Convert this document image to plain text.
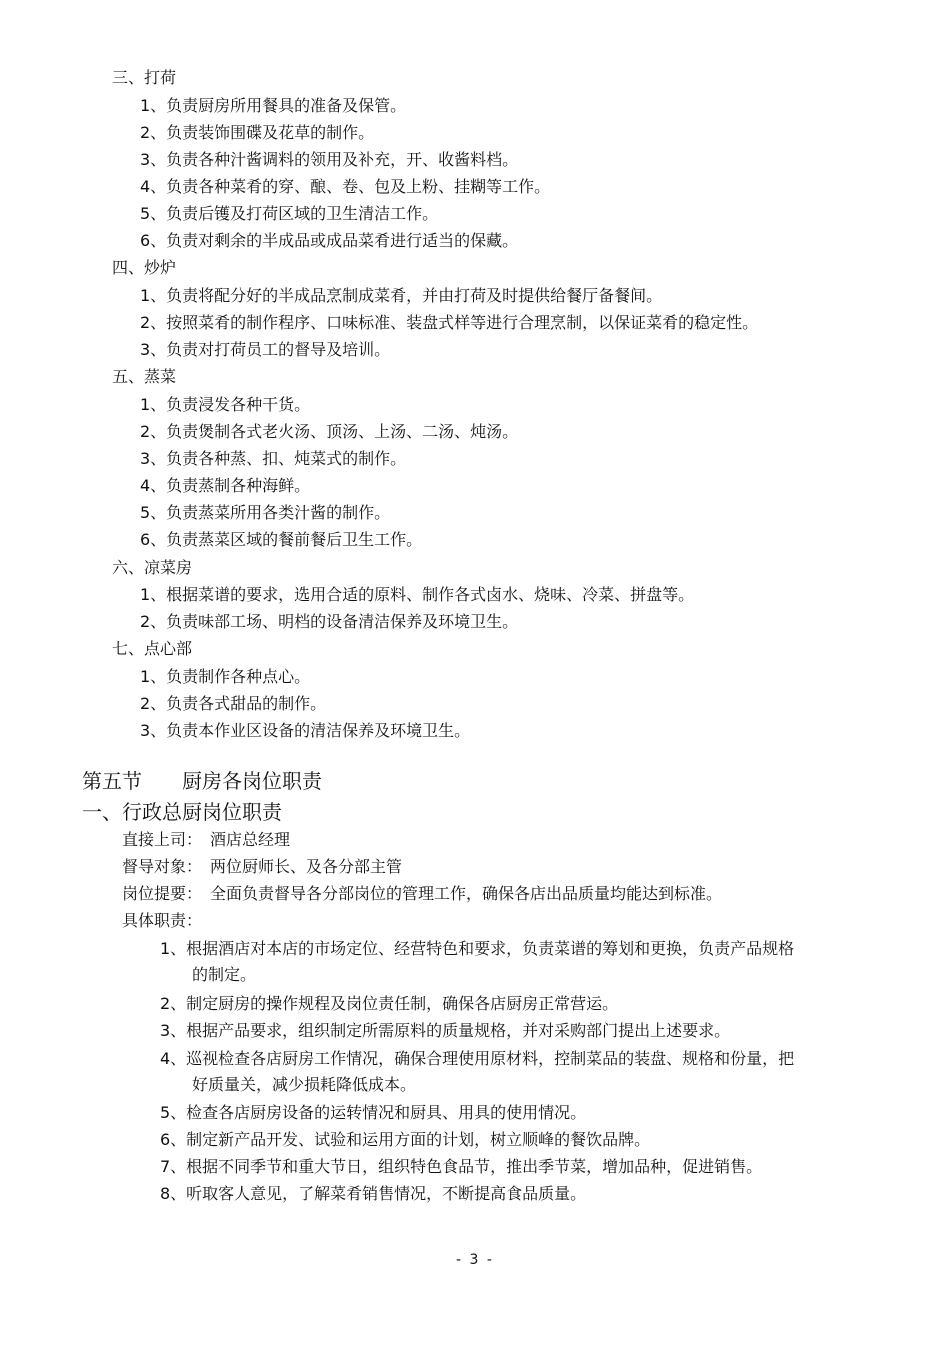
三、打荷
1、负责厨房所用餐具的准备及保管。
2、负责装饰围碟及花草的制作。
3、负责各种汁酱调料的领用及补充，开、收酱料档。
4、负责各种菜肴的穿、酿、卷、包及上粉、挂糊等工作。
5、负责后镬及打荷区域的卫生清洁工作。
6、负责对剩余的半成品或成品菜肴进行适当的保藏。
四、炒炉
1、负责将配分好的半成品烹制成菜肴，并由打荷及时提供给餐厅备餐间。
2、按照菜肴的制作程序、口味标准、装盘式样等进行合理烹制，以保证菜肴的稳定性。
3、负责对打荷员工的督导及培训。
五、蒸菜
1、负责浸发各种干货。
2、负责煲制各式老火汤、顶汤、上汤、二汤、炖汤。
3、负责各种蒸、扣、炖菜式的制作。
4、负责蒸制各种海鲜。
5、负责蒸菜所用各类汁酱的制作。
6、负责蒸菜区域的餐前餐后卫生工作。
六、凉菜房
1、根据菜谱的要求，选用合适的原料、制作各式卤水、烧味、冷菜、拼盘等。
2、负责味部工场、明档的设备清洁保养及环境卫生。
七、点心部
1、负责制作各种点心。
2、负责各式甜品的制作。
3、负责本作业区设备的清洁保养及环境卫生。
第五节　　厨房各岗位职责
一、行政总厨岗位职责
直接上司：　酒店总经理
督导对象：　两位厨师长、及各分部主管
岗位提要：　全面负责督导各分部岗位的管理工作，确保各店出品质量均能达到标准。
具体职责：
1、根据酒店对本店的市场定位、经营特色和要求，负责菜谱的筹划和更换，负责产品规格
的制定。
2、制定厨房的操作规程及岗位责任制，确保各店厨房正常营运。
3、根据产品要求，组织制定所需原料的质量规格，并对采购部门提出上述要求。
4、巡视检查各店厨房工作情况，确保合理使用原材料，控制菜品的装盘、规格和份量，把
好质量关，减少损耗降低成本。
5、检查各店厨房设备的运转情况和厨具、用具的使用情况。
6、制定新产品开发、试验和运用方面的计划，树立顺峰的餐饮品牌。
7、根据不同季节和重大节日，组织特色食品节，推出季节菜，增加品种，促进销售。
8、听取客人意见，了解菜肴销售情况，不断提高食品质量。
- 3 -
